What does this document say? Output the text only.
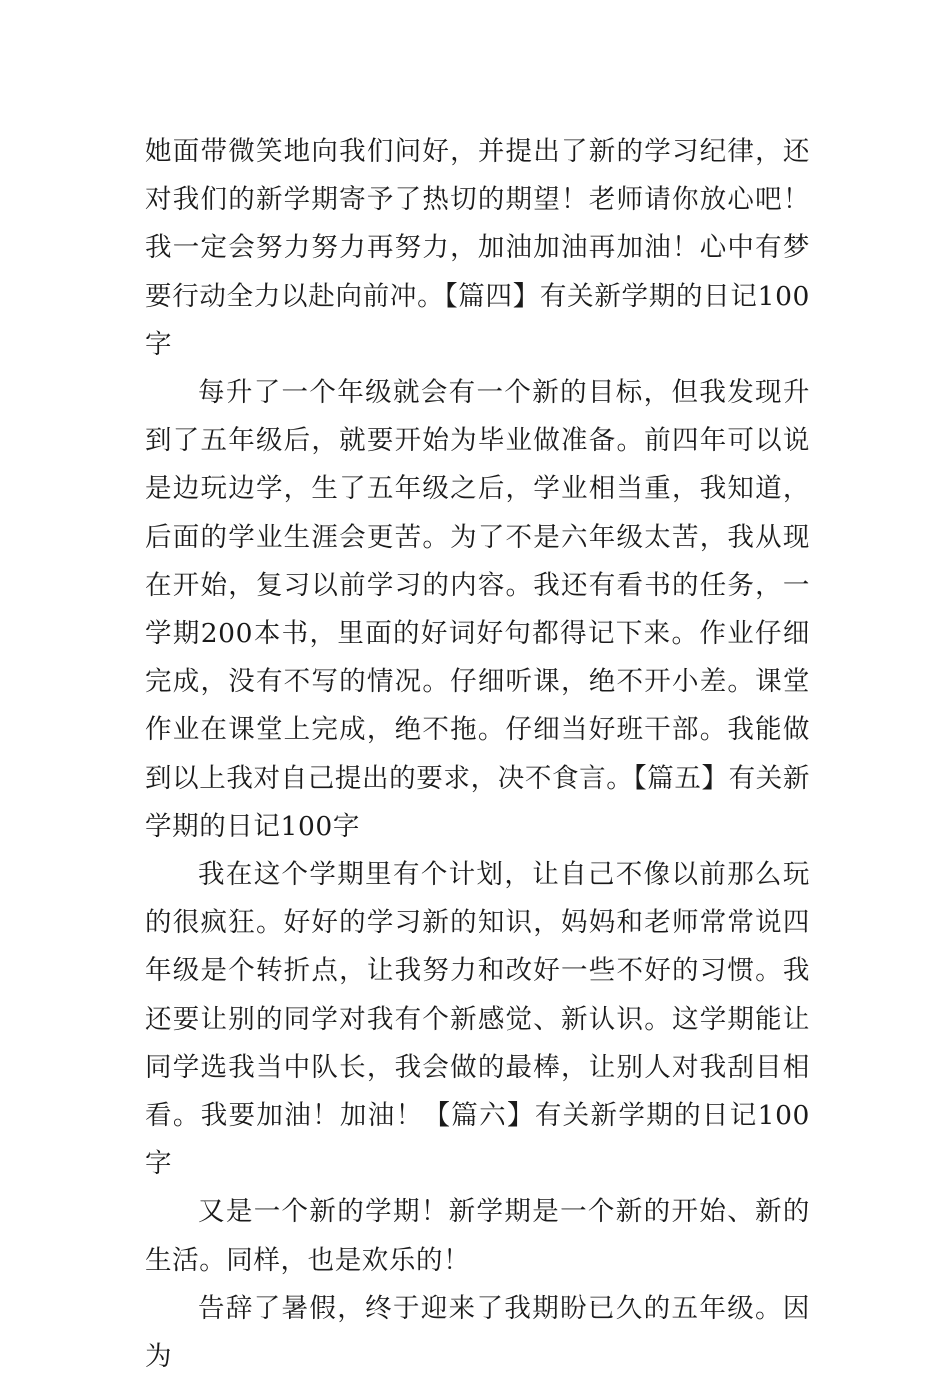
她面带微笑地向我们问好，并提出了新的学习纪律，还对我们的新学期寄予了热切的期望！老师请你放心吧！我一定会努力努力再努力，加油加油再加油！心中有梦要行动全力以赴向前冲。【篇四】有关新学期的日记100字

每升了一个年级就会有一个新的目标，但我发现升到了五年级后，就要开始为毕业做准备。前四年可以说是边玩边学，生了五年级之后，学业相当重，我知道，后面的学业生涯会更苦。为了不是六年级太苦，我从现在开始，复习以前学习的内容。我还有看书的任务，一学期200本书，里面的好词好句都得记下来。作业仔细完成，没有不写的情况。仔细听课，绝不开小差。课堂作业在课堂上完成，绝不拖。仔细当好班干部。我能做到以上我对自己提出的要求，决不食言。【篇五】有关新学期的日记100字

我在这个学期里有个计划，让自己不像以前那么玩的很疯狂。好好的学习新的知识，妈妈和老师常常说四年级是个转折点，让我努力和改好一些不好的习惯。我还要让别的同学对我有个新感觉、新认识。这学期能让同学选我当中队长，我会做的最棒，让别人对我刮目相看。我要加油！加油！【篇六】有关新学期的日记100字

又是一个新的学期！新学期是一个新的开始、新的生活。同样，也是欢乐的！

告辞了暑假，终于迎来了我期盼已久的五年级。因为
